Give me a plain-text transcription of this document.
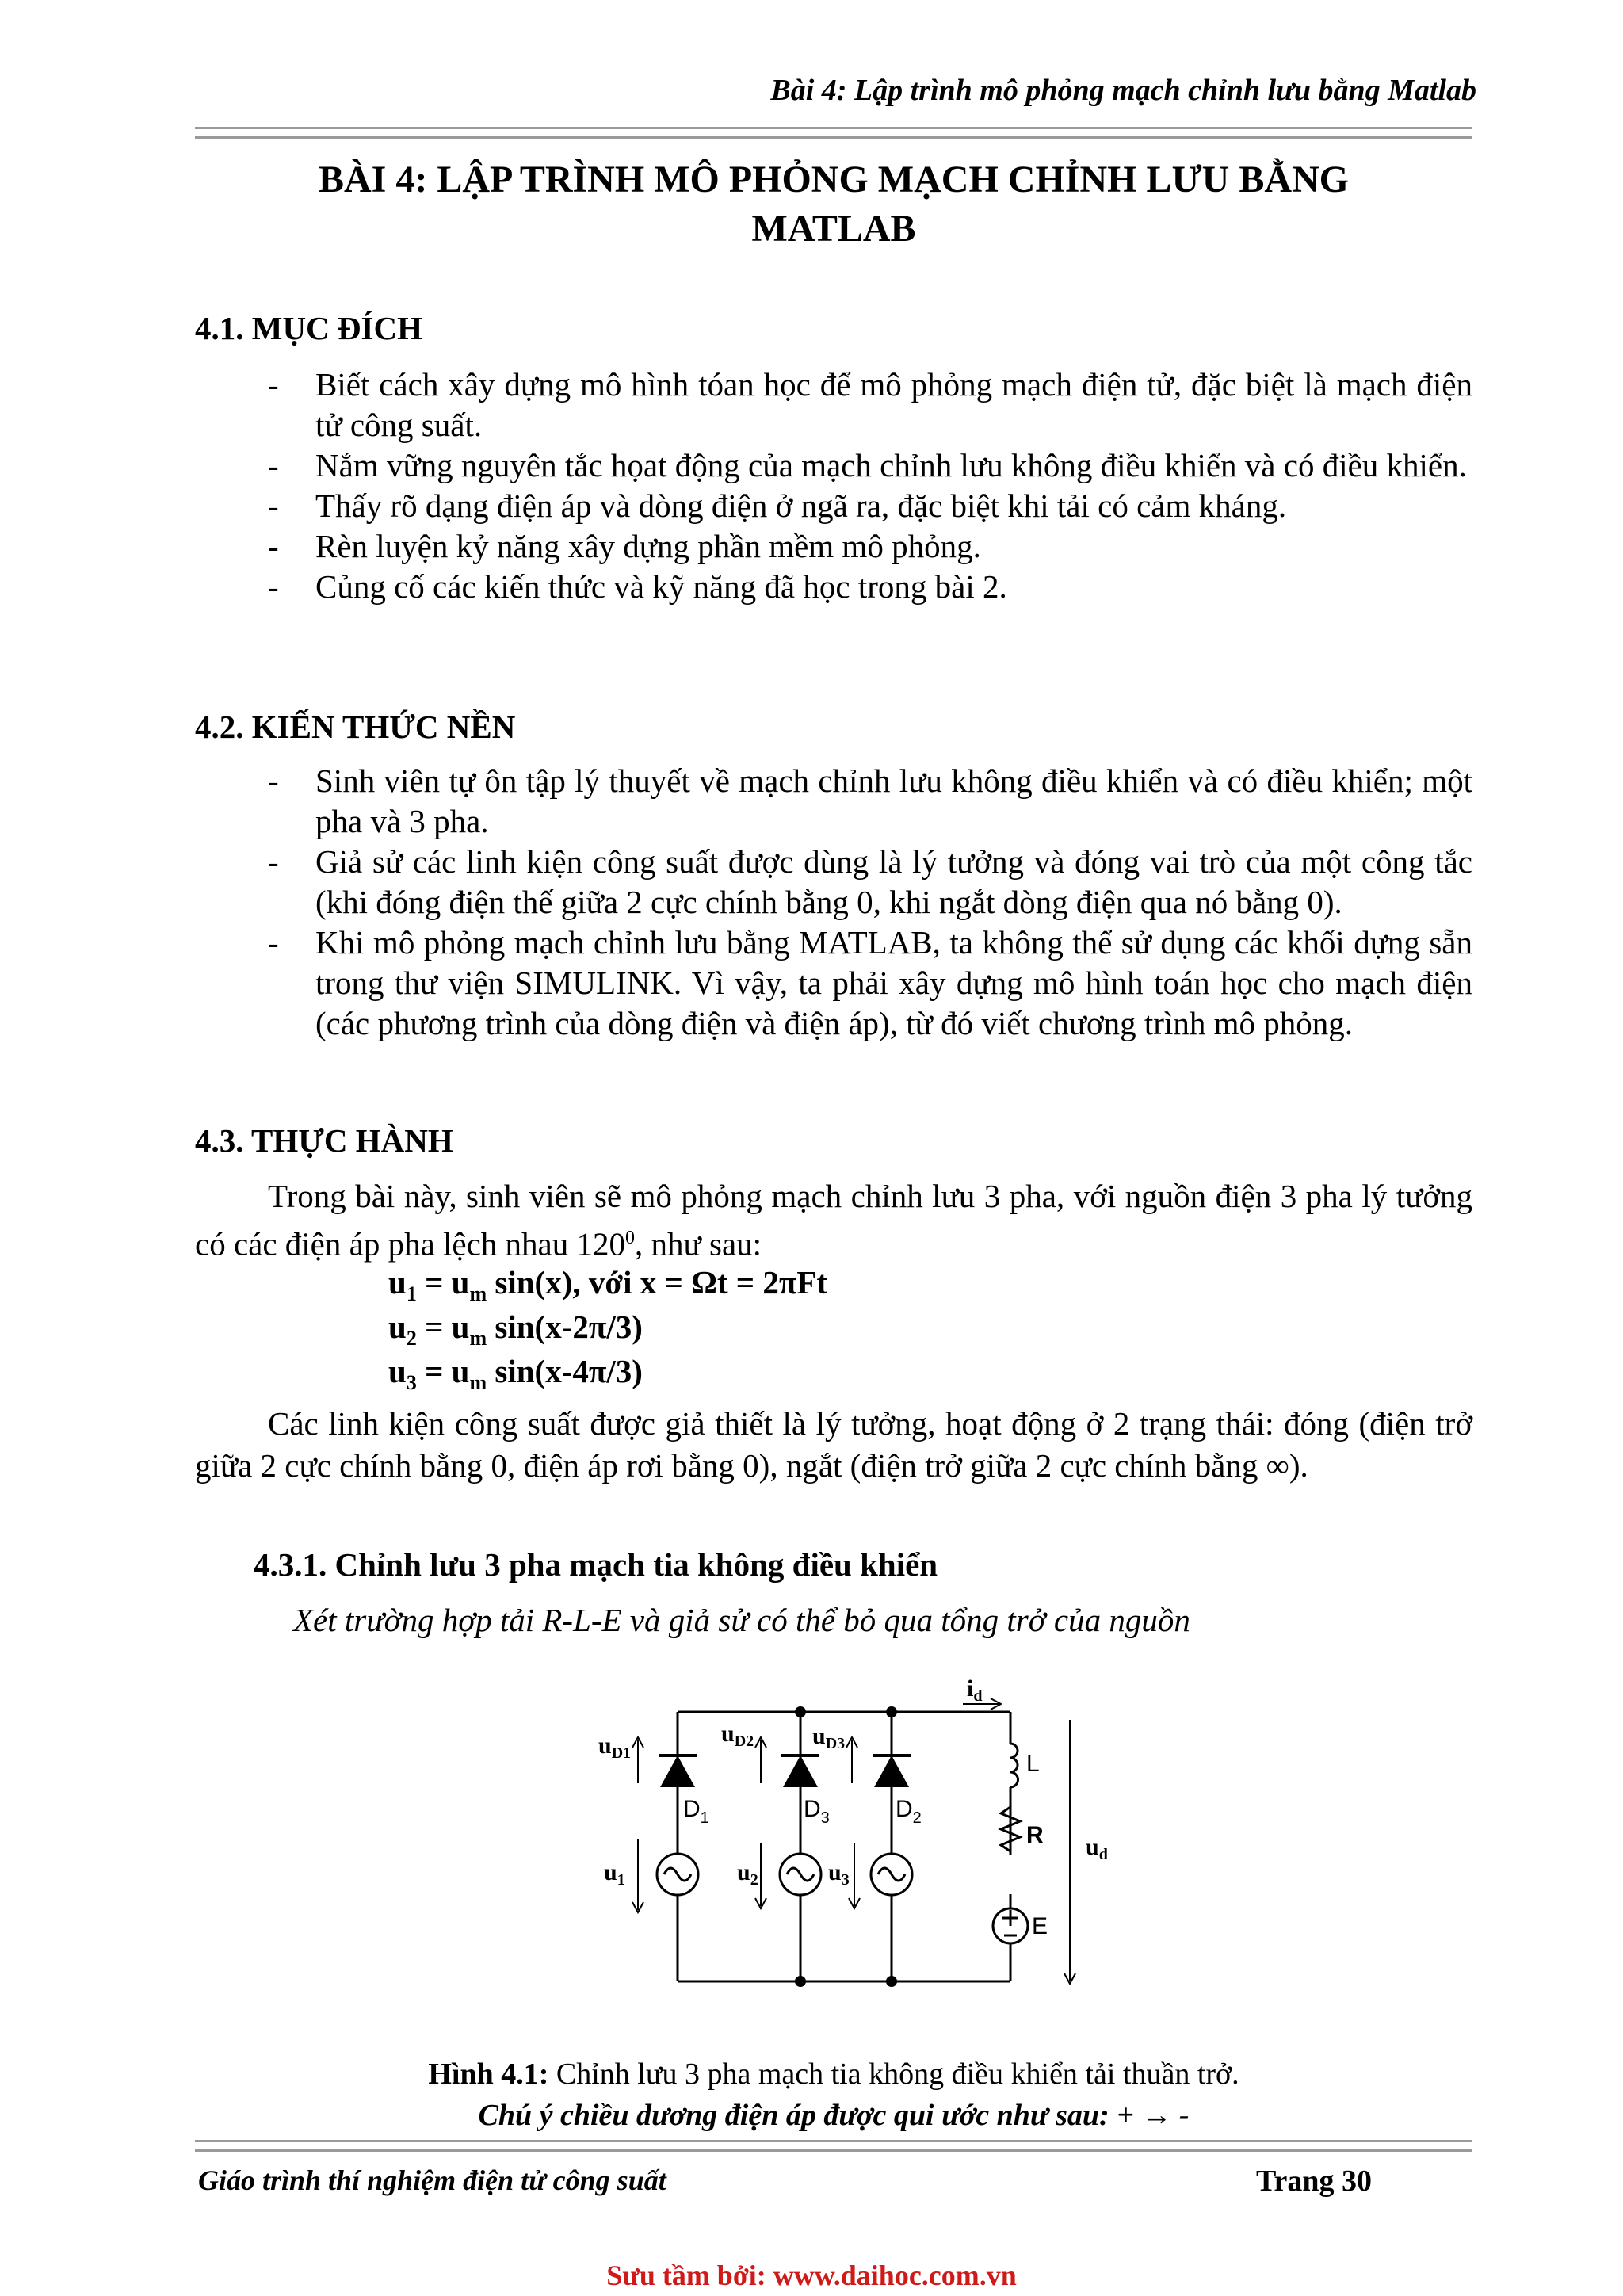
Bài 4: Lập trình mô phỏng mạch chỉnh lưu bằng Matlab
BÀI 4: LẬP TRÌNH MÔ PHỎNG MẠCH CHỈNH LƯU BẰNG
MATLAB
4.1. MỤC ĐÍCH
- Biết cách xây dựng mô hình tóan học để mô phỏng mạch điện tử, đặc biệt là mạch điện tử công suất.
- Nắm vững nguyên tắc họat động của mạch chỉnh lưu không điều khiển và có điều khiển.
- Thấy rõ dạng điện áp và dòng điện ở ngã ra, đặc biệt khi tải có cảm kháng.
- Rèn luyện kỷ năng xây dựng phần mềm mô phỏng.
- Củng cố các kiến thức và kỹ năng đã học trong bài 2.
4.2. KIẾN THỨC NỀN
- Sinh viên tự ôn tập lý thuyết về mạch chỉnh lưu không điều khiển và có điều khiển; một pha và 3 pha.
- Giả sử các linh kiện công suất được dùng là lý tưởng và đóng vai trò của một công tắc (khi đóng điện thế giữa 2 cực chính bằng 0, khi ngắt dòng điện qua nó bằng 0).
- Khi mô phỏng mạch chỉnh lưu bằng MATLAB, ta không thể sử dụng các khối dựng sẵn trong thư viện SIMULINK. Vì vậy, ta phải xây dựng mô hình toán học cho mạch điện (các phương trình của dòng điện và điện áp), từ đó viết chương trình mô phỏng.
4.3. THỰC HÀNH
Trong bài này, sinh viên sẽ mô phỏng mạch chỉnh lưu 3 pha, với nguồn điện 3 pha lý tưởng có các điện áp pha lệch nhau $120^0$, như sau:
$u_1 = u_m$ sin(x), với x = Ωt = 2πFt
$u_2 = u_m$ sin(x-2π/3)
$u_3 = u_m$ sin(x-4π/3)
Các linh kiện công suất được giả thiết là lý tưởng, hoạt động ở 2 trạng thái: đóng (điện trở giữa 2 cực chính bằng 0, điện áp rơi bằng 0), ngắt (điện trở giữa 2 cực chính bằng ∞).
4.3.1. Chỉnh lưu 3 pha mạch tia không điều khiển
Xét trường hợp tải R-L-E và giả sử có thể bỏ qua tổng trở của nguồn
$i_d$
$u_{D1}$
$u_{D2}$ $u_{D3}$
$D_1$	$D_3$	$D_2$
$u_1$	$u_2$	$u_3$
L
R
E
$u_d$
Hình 4.1: Chỉnh lưu 3 pha mạch tia không điều khiển tải thuần trở.
Chú ý chiều dương điện áp được qui ước như sau: + → -
Giáo trình thí nghiệm điện tử công suất	Trang 30
Sưu tầm bởi: www.daihoc.com.vn
